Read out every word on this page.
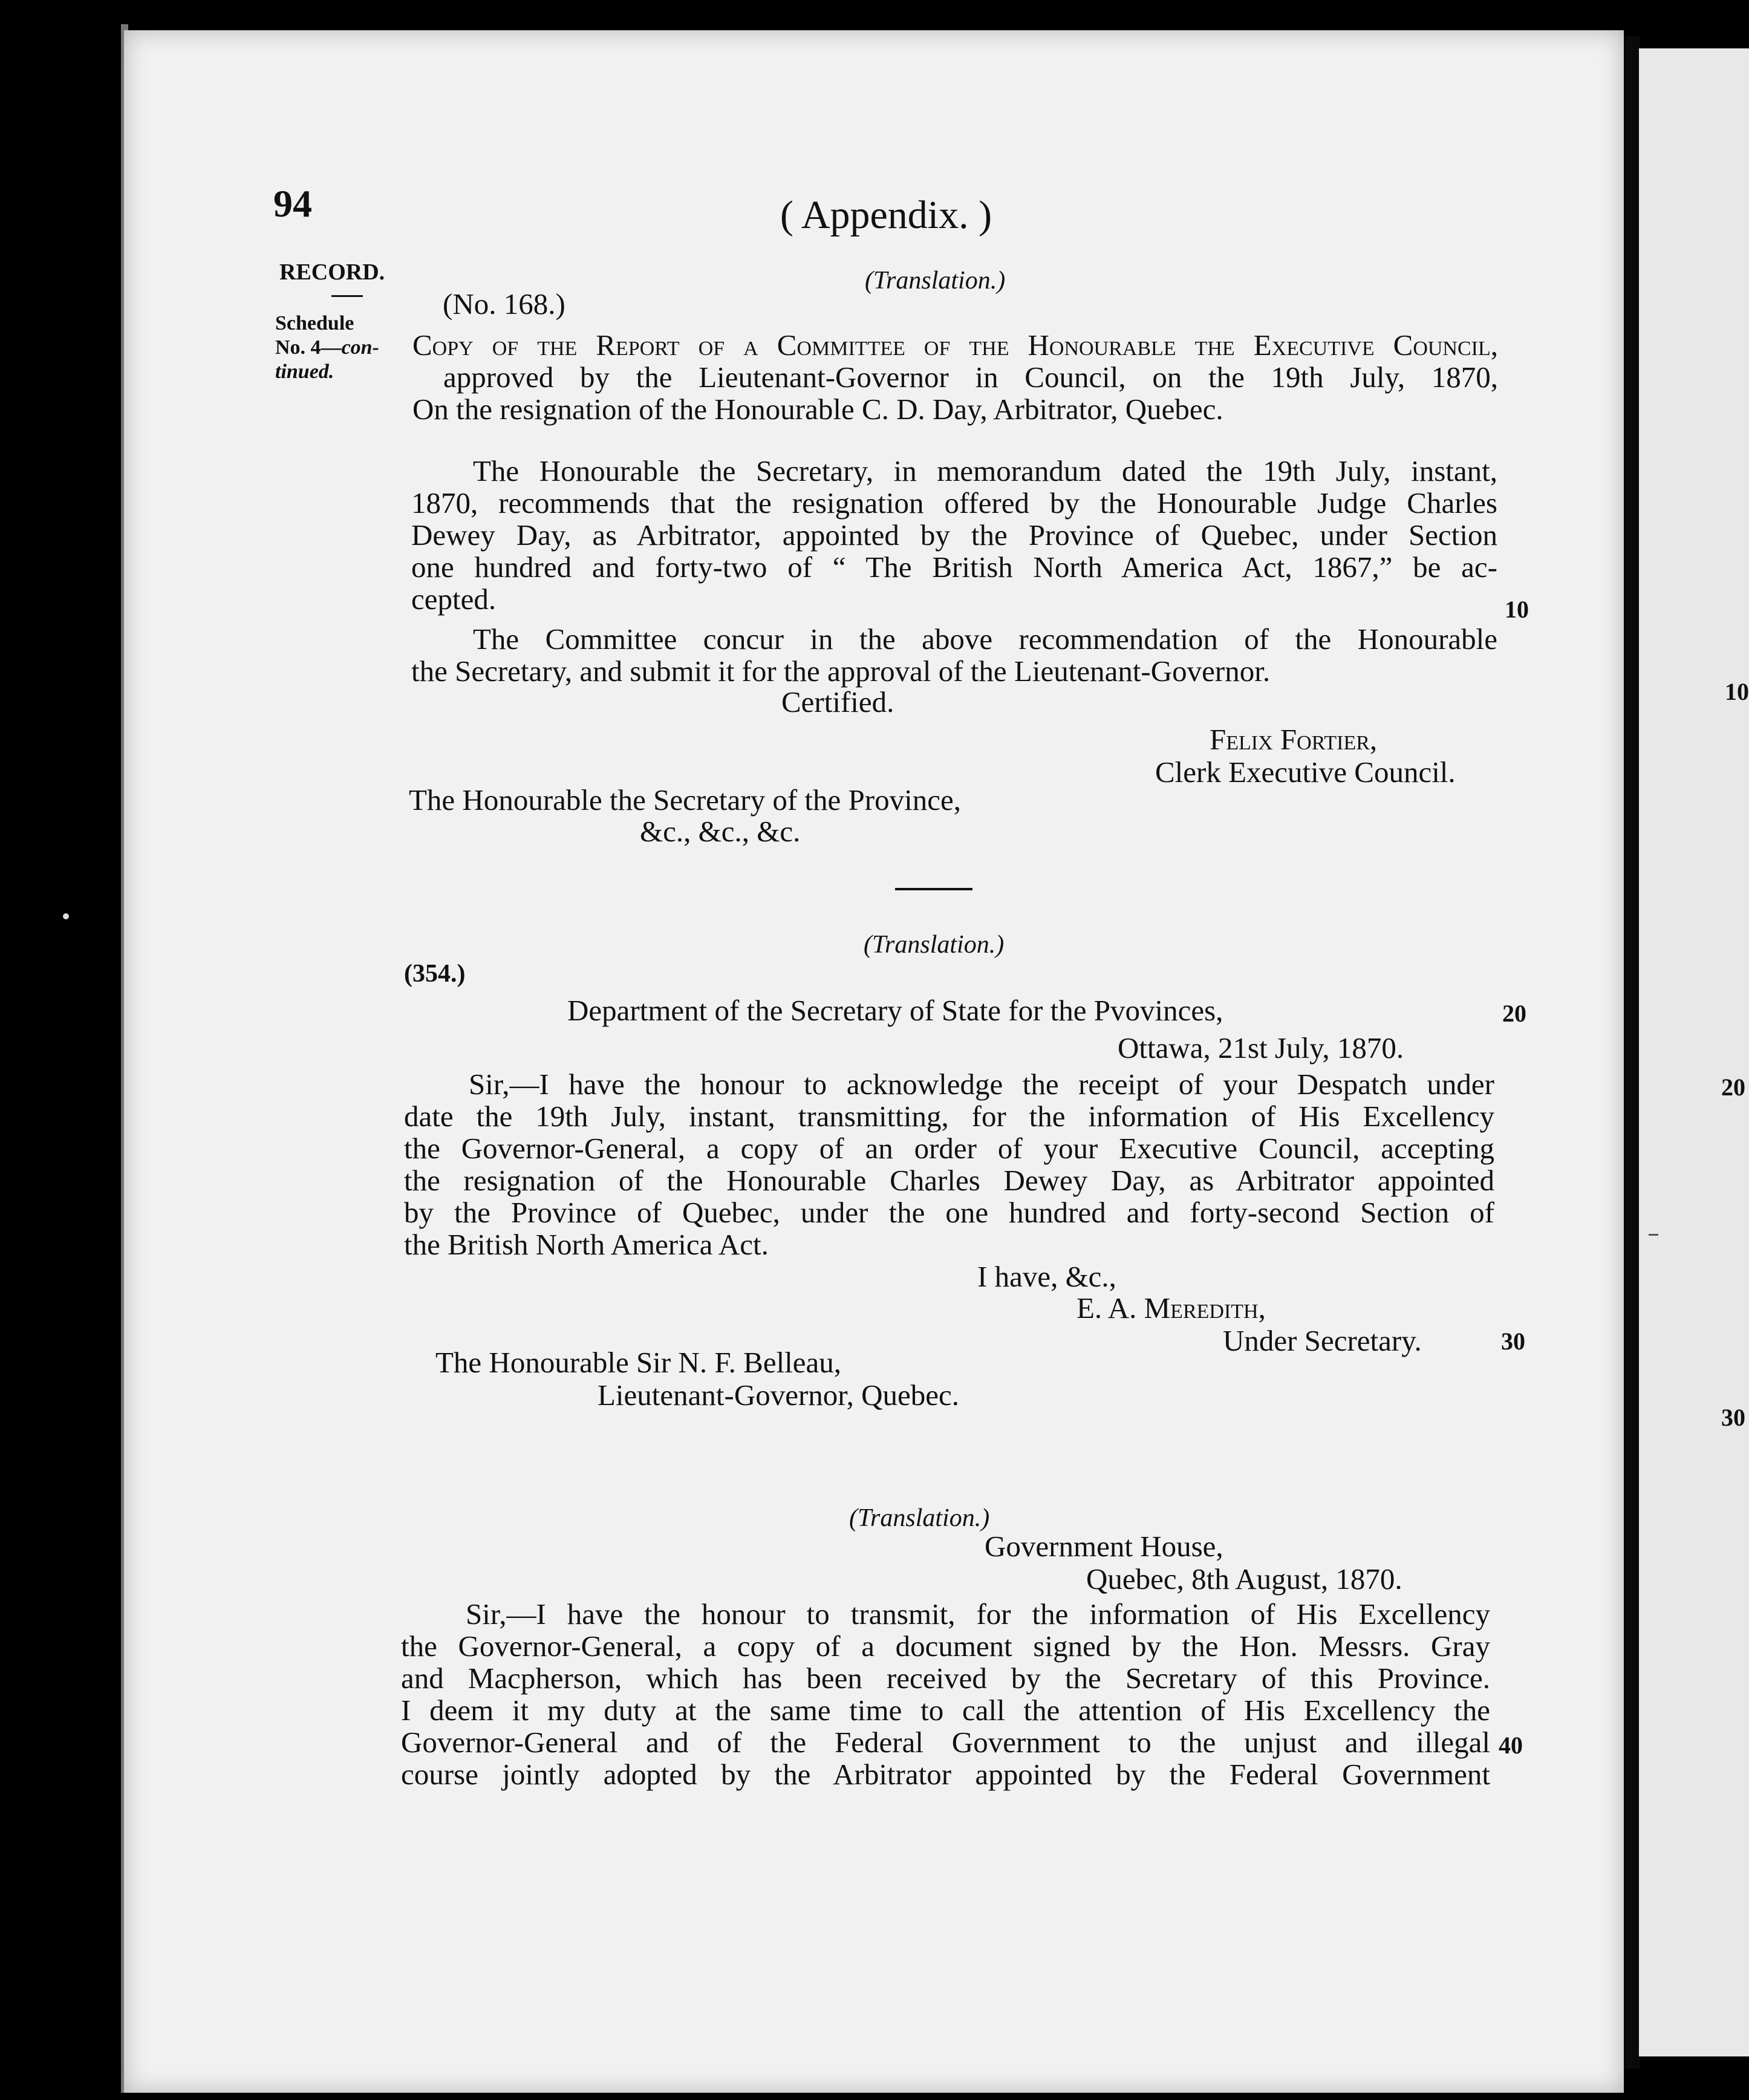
94	( Appendix. )
RECORD.
Schedule
No. 4—con-
tinued.
(Translation.)
(No. 168.)
Copy of the Report of a Committee of the Honourable the Executive Council,
approved by the Lieutenant-Governor in Council, on the 19th July, 1870,
On the resignation of the Honourable C. D. Day, Arbitrator, Quebec.
The Honourable the Secretary, in memorandum dated the 19th July, instant,
1870, recommends that the resignation offered by the Honourable Judge Charles
Dewey Day, as Arbitrator, appointed by the Province of Quebec, under Section
one hundred and forty-two of “ The British North America Act, 1867,” be ac-
cepted.
The Committee concur in the above recommendation of the Honourable
the Secretary, and submit it for the approval of the Lieutenant-Governor.
Certified.
Felix Fortier,
Clerk Executive Council.
The Honourable the Secretary of the Province,
&c., &c., &c.
(Translation.)
(354.)
Department of the Secretary of State for the Pvovinces,
Ottawa, 21st July, 1870.
Sir,—I have the honour to acknowledge the receipt of your Despatch under
date the 19th July, instant, transmitting, for the information of His Excellency
the Governor-General, a copy of an order of your Executive Council, accepting
the resignation of the Honourable Charles Dewey Day, as Arbitrator appointed
by the Province of Quebec, under the one hundred and forty-second Section of
the British North America Act.
I have, &c.,
E. A. Meredith,
Under Secretary.
The Honourable Sir N. F. Belleau,
Lieutenant-Governor, Quebec.
(Translation.)
Government House,
Quebec, 8th August, 1870.
Sir,—I have the honour to transmit, for the information of His Excellency
the Governor-General, a copy of a document signed by the Hon. Messrs. Gray
and Macpherson, which has been received by the Secretary of this Province.
I deem it my duty at the same time to call the attention of His Excellency the
Governor-General and of the Federal Government to the unjust and illegal
course jointly adopted by the Arbitrator appointed by the Federal Government
10
20
30
40
10
20
30
